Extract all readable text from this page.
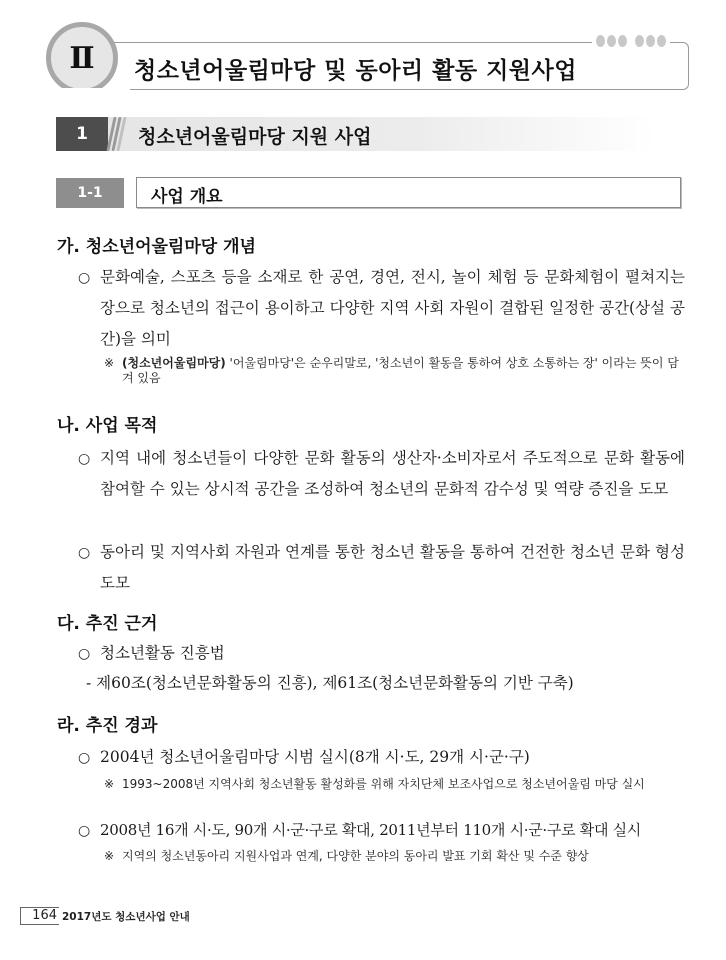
Ⅱ	청소년어울림마당 및 동아리 활동 지원사업
1	청소년어울림마당 지원 사업
1-1	사업 개요
가. 청소년어울림마당 개념
○ 문화예술, 스포츠 등을 소재로 한 공연, 경연, 전시, 놀이 체험 등 문화체험이 펼쳐지는 장으로 청소년의 접근이 용이하고 다양한 지역 사회 자원이 결합된 일정한 공간(상설 공간)을 의미
※ (청소년어울림마당) '어울림마당'은 순우리말로, '청소년이 활동을 통하여 상호 소통하는 장' 이라는 뜻이 담겨 있음
나. 사업 목적
○ 지역 내에 청소년들이 다양한 문화 활동의 생산자·소비자로서 주도적으로 문화 활동에 참여할 수 있는 상시적 공간을 조성하여 청소년의 문화적 감수성 및 역량 증진을 도모
○ 동아리 및 지역사회 자원과 연계를 통한 청소년 활동을 통하여 건전한 청소년 문화 형성 도모
다. 추진 근거
○ 청소년활동 진흥법
- 제60조(청소년문화활동의 진흥), 제61조(청소년문화활동의 기반 구축)
라. 추진 경과
○ 2004년 청소년어울림마당 시범 실시(8개 시·도, 29개 시·군·구)
※ 1993~2008년 지역사회 청소년활동 활성화를 위해 자치단체 보조사업으로 청소년어울림 마당 실시
○ 2008년 16개 시·도, 90개 시·군·구로 확대, 2011년부터 110개 시·군·구로 확대 실시
※ 지역의 청소년동아리 지원사업과 연계, 다양한 분야의 동아리 발표 기회 확산 및 수준 향상
164 2017년도 청소년사업 안내
